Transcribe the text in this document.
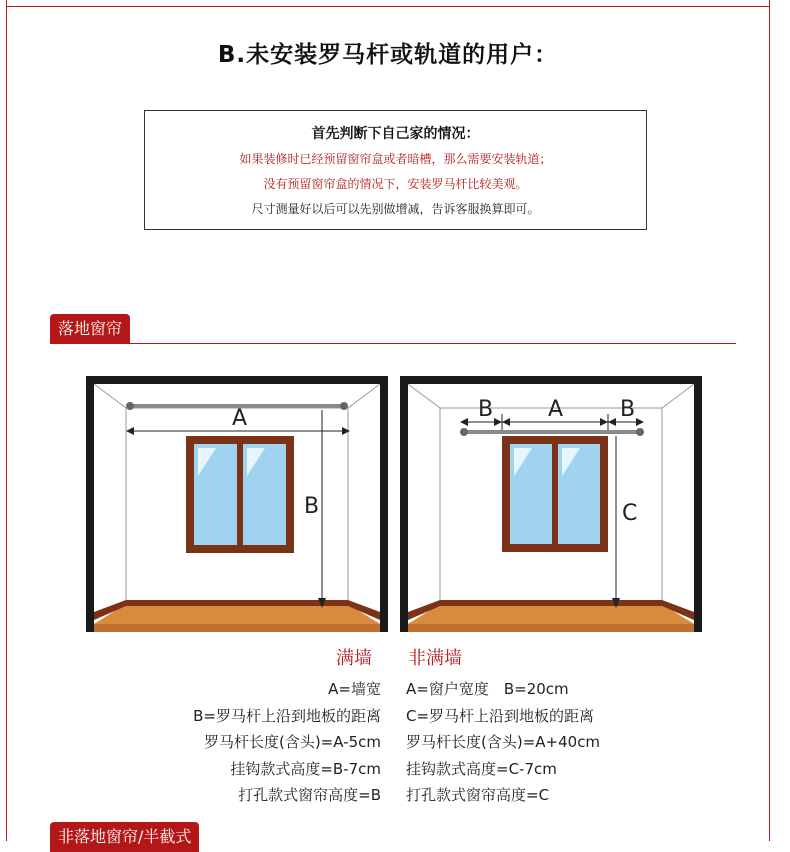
B.未安装罗马杆或轨道的用户：
首先判断下自己家的情况：
如果装修时已经预留窗帘盒或者暗槽，那么需要安装轨道；
没有预留窗帘盒的情况下，安装罗马杆比较美观。
尺寸测量好以后可以先别做增减，告诉客服换算即可。
落地窗帘
A
B
B A	B
C
满墙 非满墙
A=墙宽
B=罗马杆上沿到地板的距离
罗马杆长度(含头)=A-5cm
挂钩款式高度=B-7cm
打孔款式窗帘高度=B
A=窗户宽度　B=20cm
C=罗马杆上沿到地板的距离
罗马杆长度(含头)=A+40cm
挂钩款式高度=C-7cm
打孔款式窗帘高度=C
非落地窗帘/半截式
